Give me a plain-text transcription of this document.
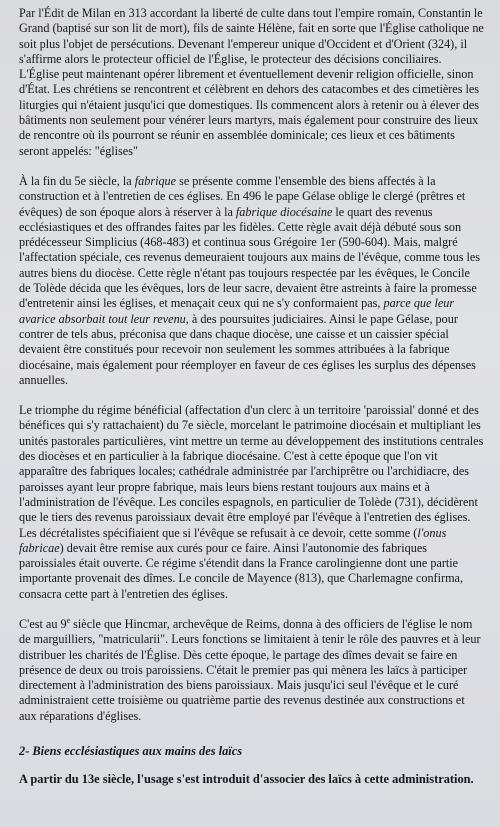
Par l'Édit de Milan en 313 accordant la liberté de culte dans tout l'empire romain, Constantin le Grand (baptisé sur son lit de mort), fils de sainte Hélène, fait en sorte que l'Église catholique ne soit plus l'objet de persécutions. Devenant l'empereur unique d'Occident et d'Orient (324), il s'affirme alors le protecteur officiel de l'Église, le protecteur des décisions conciliaires. L'Église peut maintenant opérer librement et éventuellement devenir religion officielle, sinon d'État. Les chrétiens se rencontrent et célèbrent en dehors des catacombes et des cimetières les liturgies qui n'étaient jusqu'ici que domestiques. Ils commencent alors à retenir ou à élever des bâtiments non seulement pour vénérer leurs martyrs, mais également pour construire des lieux de rencontre où ils pourront se réunir en assemblée dominicale; ces lieux et ces bâtiments seront appelés: "églises"

À la fin du 5e siècle, la fabrique se présente comme l'ensemble des biens affectés à la construction et à l'entretien de ces églises. En 496 le pape Gélase oblige le clergé (prêtres et évêques) de son époque alors à réserver à la fabrique diocésaine le quart des revenus ecclésiastiques et des offrandes faites par les fidèles. Cette règle avait déjà débuté sous son prédécesseur Simplicius (468-483) et continua sous Grégoire 1er (590-604). Mais, malgré l'affectation spéciale, ces revenus demeuraient toujours aux mains de l'évêque, comme tous les autres biens du diocèse. Cette règle n'étant pas toujours respectée par les évêques, le Concile de Tolède décida que les évêques, lors de leur sacre, devaient être astreints à faire la promesse d'entretenir ainsi les églises, et menaçait ceux qui ne s'y conformaient pas, parce que leur avarice absorbait tout leur revenu, à des poursuites judiciaires. Ainsi le pape Gélase, pour contrer de tels abus, préconisa que dans chaque diocèse, une caisse et un caissier spécial devaient être constitués pour recevoir non seulement les sommes attribuées à la fabrique diocésaine, mais également pour réemployer en faveur de ces églises les surplus des dépenses annuelles.

Le triomphe du régime bénéficial (affectation d'un clerc à un territoire 'paroissial' donné et des bénéfices qui s'y rattachaient) du 7e siècle, morcelant le patrimoine diocésain et multipliant les unités pastorales particulières, vint mettre un terme au développement des institutions centrales des diocèses et en particulier à la fabrique diocésaine. C'est à cette époque que l'on vit apparaître des fabriques locales; cathédrale administrée par l'archiprêtre ou l'archidiacre, des paroisses ayant leur propre fabrique, mais leurs biens restant toujours aux mains et à l'administration de l'évêque. Les conciles espagnols, en particulier de Tolède (731), décidèrent que le tiers des revenus paroissiaux devait être employé par l'évêque à l'entretien des églises. Les décrétalistes spécifiaient que si l'évêque se refusait à ce devoir, cette somme (l'onus fabricae) devait être remise aux curés pour ce faire. Ainsi l'autonomie des fabriques paroissiales était ouverte. Ce régime s'étendit dans la France carolingienne dont une partie importante provenait des dîmes. Le concile de Mayence (813), que Charlemagne confirma, consacra cette part à l'entretien des églises.

C'est au 9e siècle que Hincmar, archevêque de Reims, donna à des officiers de l'église le nom de marguilliers, "matricularii". Leurs fonctions se limitaient à tenir le rôle des pauvres et à leur distribuer les charités de l'Église. Dès cette époque, le partage des dîmes devait se faire en présence de deux ou trois paroissiens. C'était le premier pas qui mènera les laïcs à participer directement à l'administration des biens paroissiaux. Mais jusqu'ici seul l'évêque et le curé administraient cette troisième ou quatrième partie des revenus destinée aux constructions et aux réparations d'églises.

2- Biens ecclésiastiques aux mains des laïcs

A partir du 13e siècle, l'usage s'est introduit d'associer des laïcs à cette administration.
